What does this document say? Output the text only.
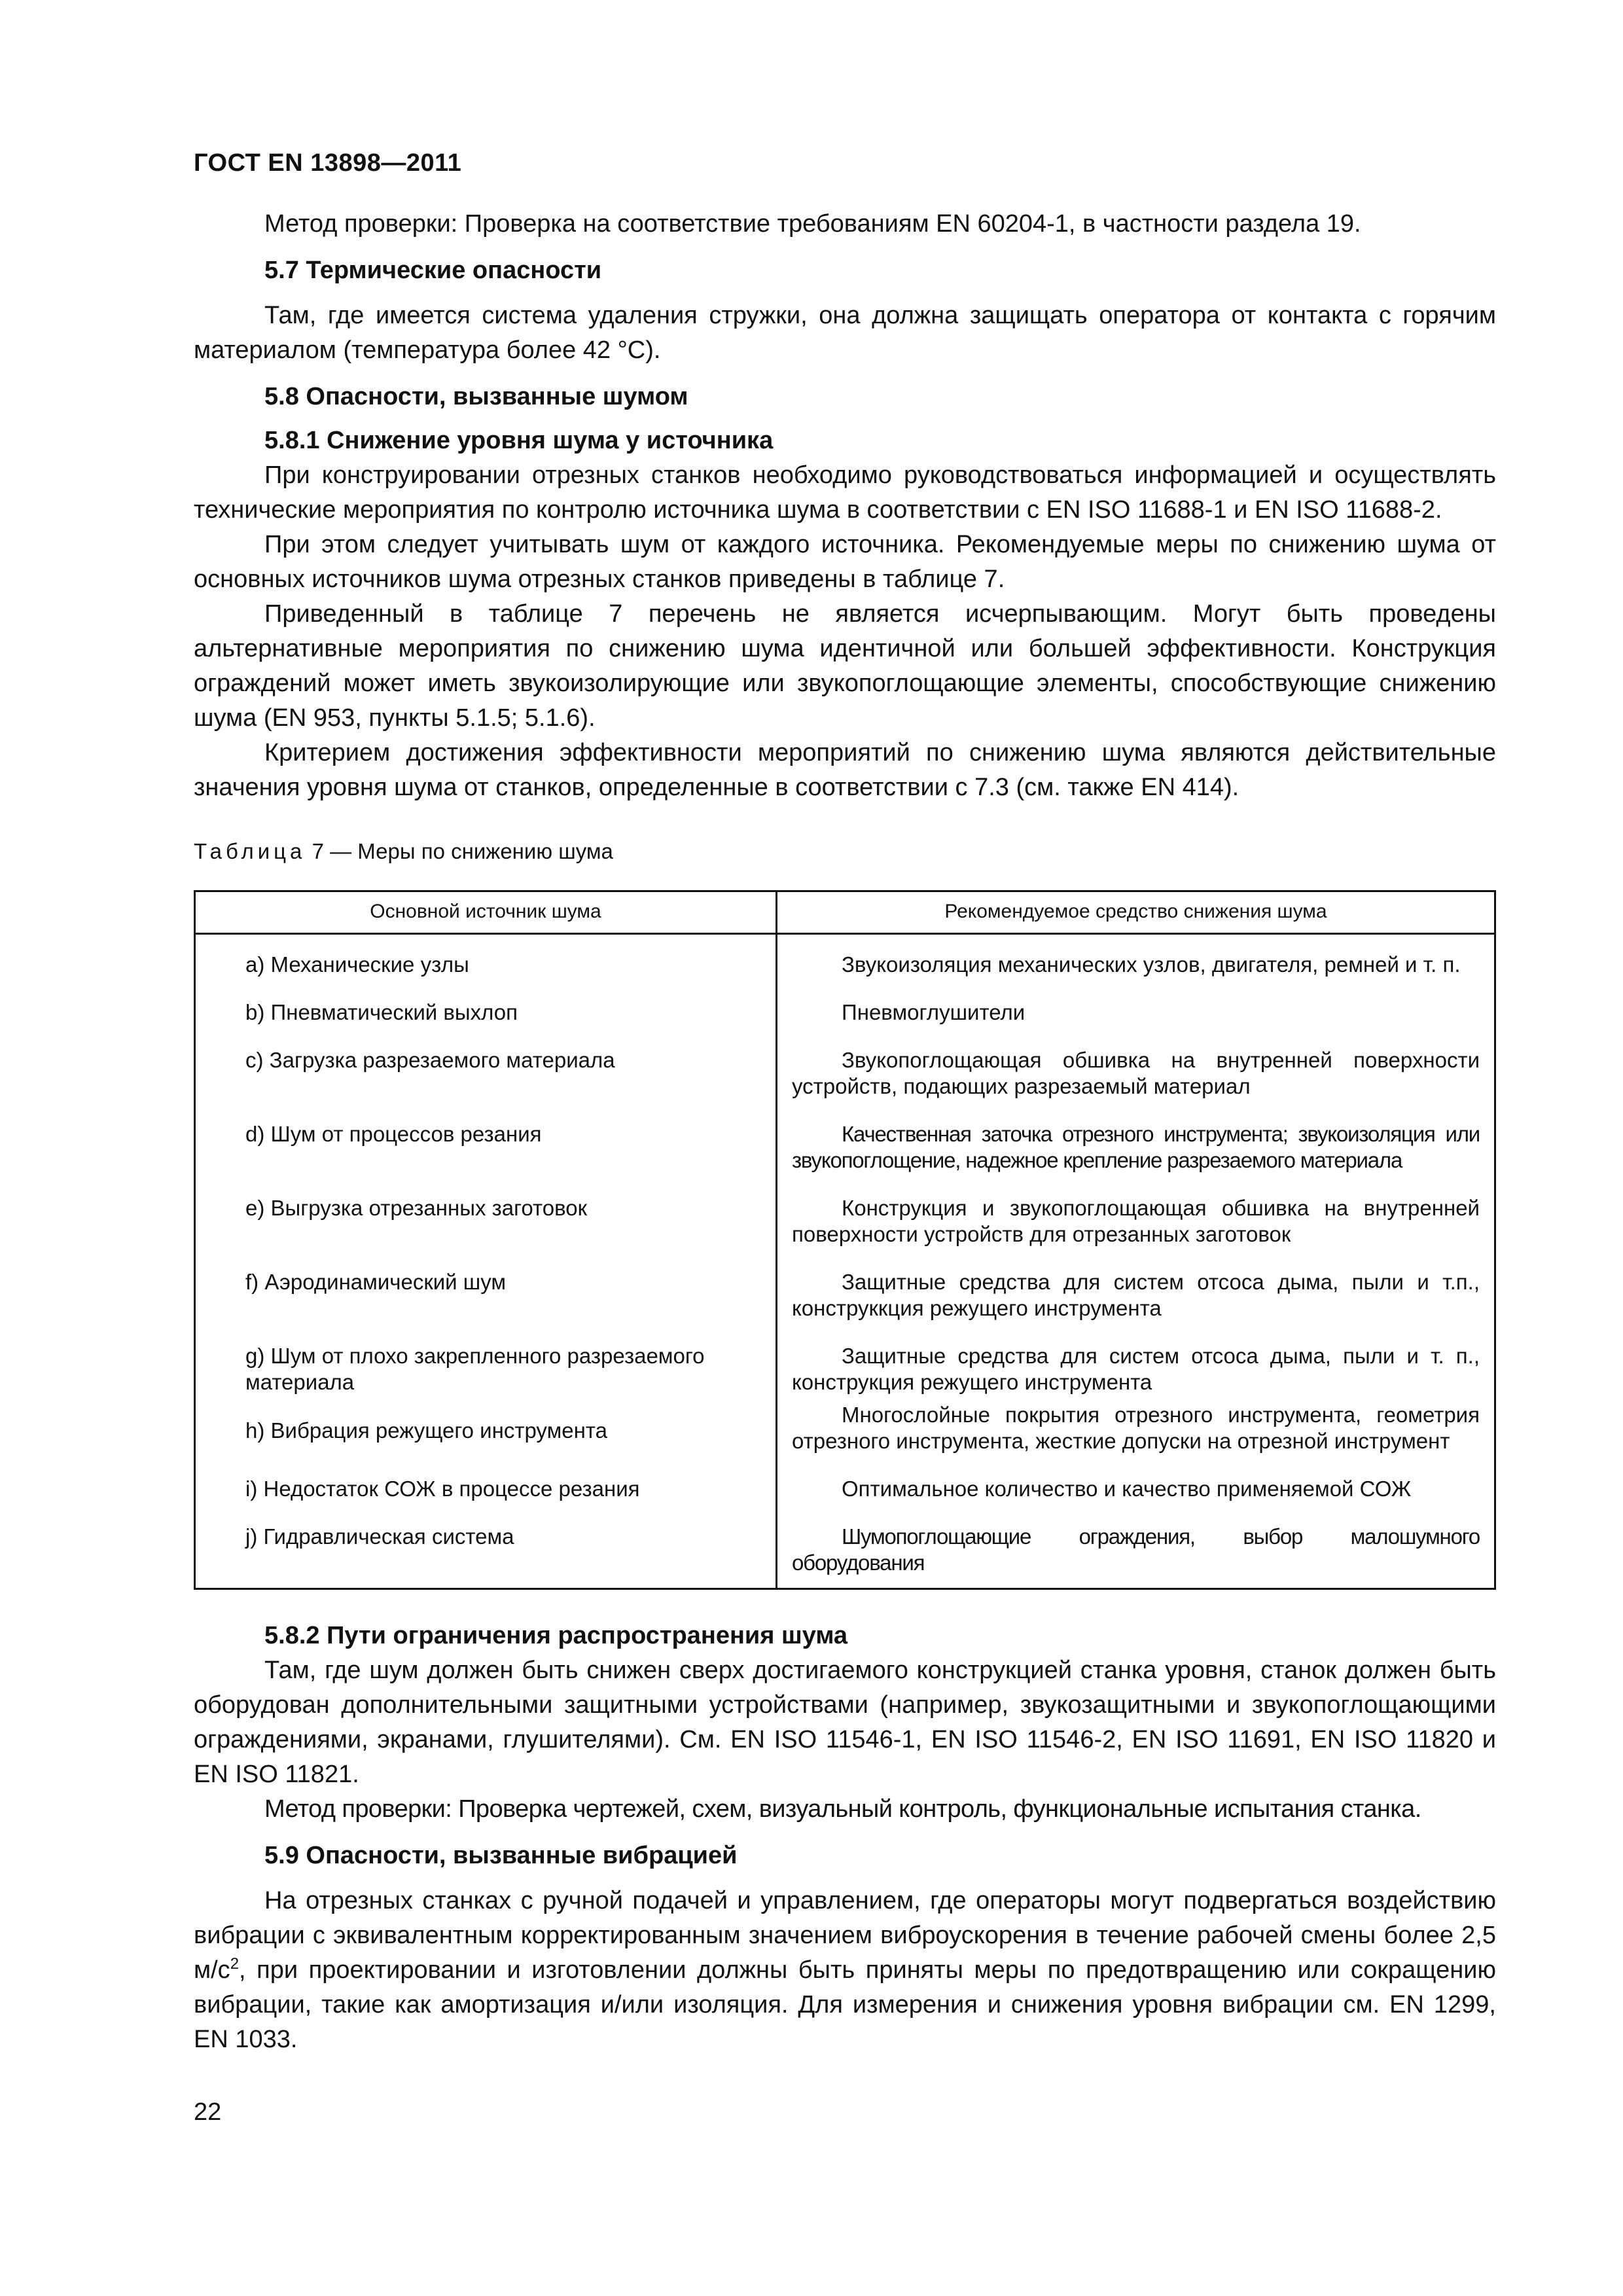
ГОСТ EN 13898—2011

Метод проверки: Проверка на соответствие требованиям EN 60204-1, в частности раздела 19.

5.7 Термические опасности

Там, где имеется система удаления стружки, она должна защищать оператора от контакта с горячим материалом (температура более 42 °С).

5.8 Опасности, вызванные шумом
5.8.1 Снижение уровня шума у источника

При конструировании отрезных станков необходимо руководствоваться информацией и осуществлять технические мероприятия по контролю источника шума в соответствии с EN ISO 11688-1 и EN ISO 11688-2.

При этом следует учитывать шум от каждого источника. Рекомендуемые меры по снижению шума от основных источников шума отрезных станков приведены в таблице 7.

Приведенный в таблице 7 перечень не является исчерпывающим. Могут быть проведены альтернативные мероприятия по снижению шума идентичной или большей эффективности. Конструкция ограждений может иметь звукоизолирующие или звукопоглощающие элементы, способствующие снижению шума (EN 953, пункты 5.1.5; 5.1.6).

Критерием достижения эффективности мероприятий по снижению шума являются действительные значения уровня шума от станков, определенные в соответствии с 7.3 (см. также EN 414).

Таблица 7 — Меры по снижению шума
Основной источник шума	Рекомендуемое средство снижения шума
a) Механические узлы	Звукоизоляция механических узлов, двигателя, ремней и т. п.

b) Пневматический выхлоп	Пневмоглушители

c) Загрузка разрезаемого материала	Звукопоглощающая обшивка на внутренней поверхности устройств, подающих разрезаемый материал

d) Шум от процессов резания	Качественная заточка отрезного инструмента; звукоизоляция или звукопоглощение, надежное крепление разрезаемого материала

e) Выгрузка отрезанных заготовок	Конструкция и звукопоглощающая обшивка на внутренней поверхности устройств для отрезанных заготовок

f) Аэродинамический шум	Защитные средства для систем отсоса дыма, пыли и т.п., конструккция режущего инструмента

g) Шум от плохо закрепленного разрезаемого материала	Защитные средства для систем отсоса дыма, пыли и т. п., конструкция режущего инструмента

h) Вибрация режущего инструмента	Многослойные покрытия отрезного инструмента, геометрия отрезного инструмента, жесткие допуски на отрезной инструмент

i) Недостаток СОЖ в процессе резания	Оптимальное количество и качество применяемой СОЖ

j) Гидравлическая система	Шумопоглощающие ограждения, выбор малошумного оборудования
5.8.2 Пути ограничения распространения шума

Там, где шум должен быть снижен сверх достигаемого конструкцией станка уровня, станок должен быть оборудован дополнительными защитными устройствами (например, звукозащитными и звукопоглощающими ограждениями, экранами, глушителями). См. EN ISO 11546-1, EN ISO 11546-2, EN ISO 11691, EN ISO 11820 и EN ISO 11821.

Метод проверки: Проверка чертежей, схем, визуальный контроль, функциональные испытания станка.

5.9 Опасности, вызванные вибрацией

На отрезных станках с ручной подачей и управлением, где операторы могут подвергаться воздействию вибрации с эквивалентным корректированным значением виброускорения в течение рабочей смены более 2,5 $м/с^2$, при проектировании и изготовлении должны быть приняты меры по предотвращению или сокращению вибрации, такие как амортизация и/или изоляция. Для измерения и снижения уровня вибрации см. EN 1299, EN 1033.

22
